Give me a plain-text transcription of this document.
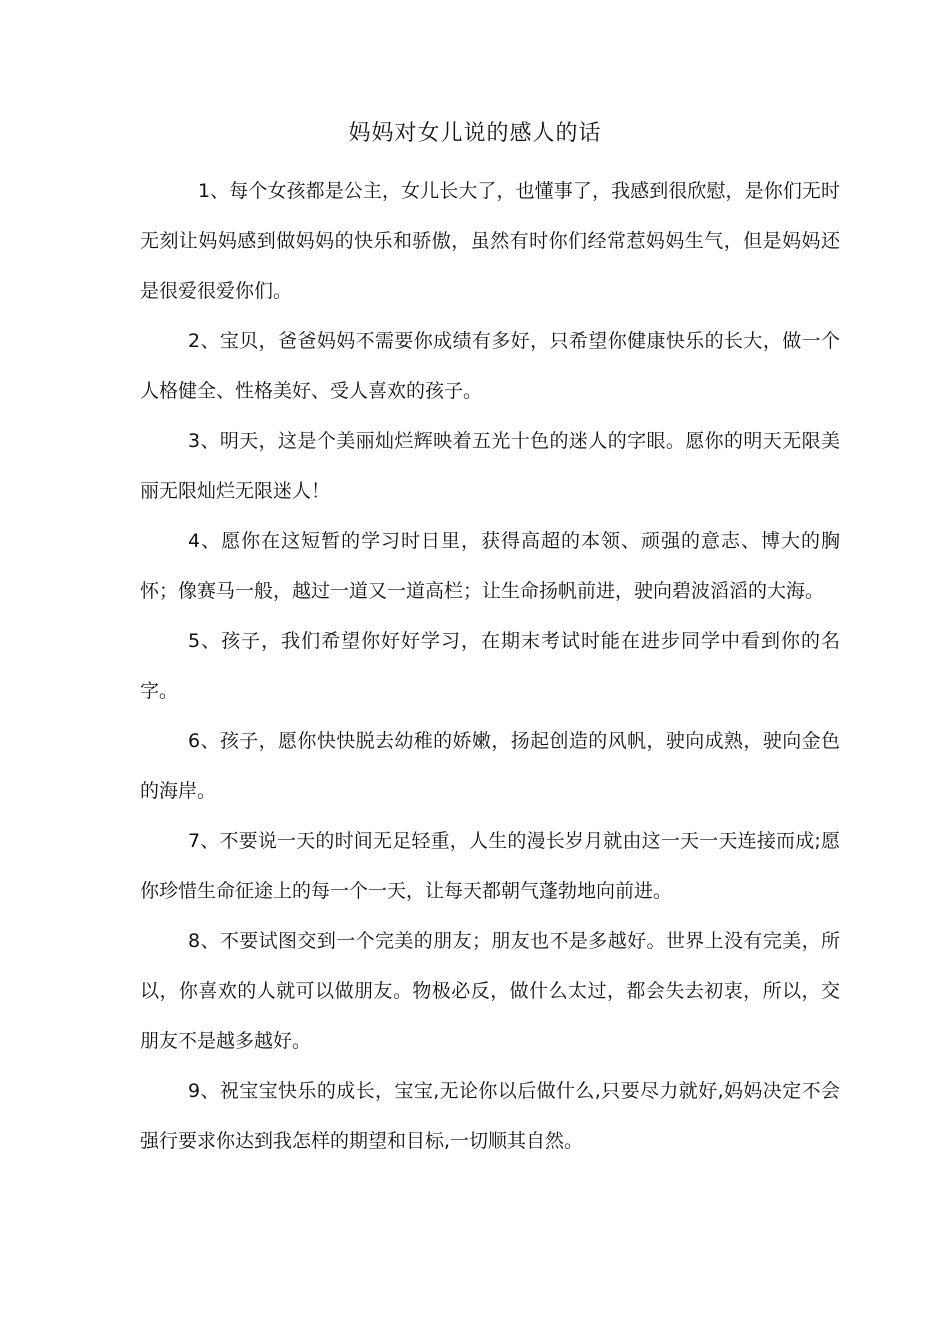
妈妈对女儿说的感人的话

1、每个女孩都是公主，女儿长大了，也懂事了，我感到很欣慰，是你们无时无刻让妈妈感到做妈妈的快乐和骄傲，虽然有时你们经常惹妈妈生气，但是妈妈还是很爱很爱你们。

2、宝贝，爸爸妈妈不需要你成绩有多好，只希望你健康快乐的长大，做一个人格健全、性格美好、受人喜欢的孩子。

3、明天，这是个美丽灿烂辉映着五光十色的迷人的字眼。愿你的明天无限美丽无限灿烂无限迷人！

4、愿你在这短暂的学习时日里，获得高超的本领、顽强的意志、博大的胸怀；像赛马一般，越过一道又一道高栏；让生命扬帆前进，驶向碧波滔滔的大海。

5、孩子，我们希望你好好学习，在期末考试时能在进步同学中看到你的名字。

6、孩子，愿你快快脱去幼稚的娇嫩，扬起创造的风帆，驶向成熟，驶向金色的海岸。

7、不要说一天的时间无足轻重，人生的漫长岁月就由这一天一天连接而成;愿你珍惜生命征途上的每一个一天，让每天都朝气蓬勃地向前进。

8、不要试图交到一个完美的朋友；朋友也不是多越好。世界上没有完美，所以，你喜欢的人就可以做朋友。物极必反，做什么太过，都会失去初衷，所以，交朋友不是越多越好。

9、祝宝宝快乐的成长，宝宝,无论你以后做什么,只要尽力就好,妈妈决定不会强行要求你达到我怎样的期望和目标,一切顺其自然。
